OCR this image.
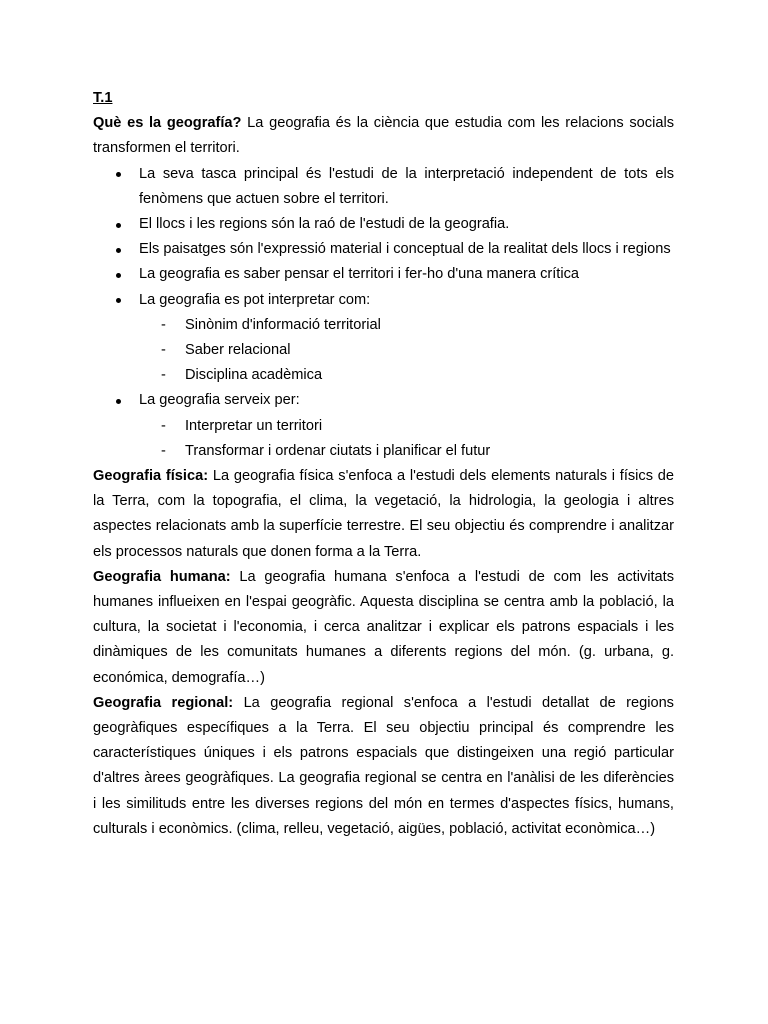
T.1

Què es la geografía? La geografia és la ciència que estudia com les relacions socials transformen el territori.

La seva tasca principal és l'estudi de la interpretació independent de tots els fenòmens que actuen sobre el territori.
El llocs i les regions són la raó de l'estudi de la geografia.
Els paisatges són l'expressió material i conceptual de la realitat dels llocs i regions
La geografia es saber pensar el territori i fer-ho d'una manera crítica
La geografia es pot interpretar com:
- Sinònim d'informació territorial
- Saber relacional
- Disciplina acadèmica
La geografia serveix per:
- Interpretar un territori
- Transformar i ordenar ciutats i planificar el futur

Geografia física: La geografia física s'enfoca a l'estudi dels elements naturals i físics de la Terra, com la topografia, el clima, la vegetació, la hidrologia, la geologia i altres aspectes relacionats amb la superfície terrestre. El seu objectiu és comprendre i analitzar els processos naturals que donen forma a la Terra.

Geografia humana: La geografia humana s'enfoca a l'estudi de com les activitats humanes influeixen en l'espai geogràfic. Aquesta disciplina se centra amb la població, la cultura, la societat i l'economia, i cerca analitzar i explicar els patrons espacials i les dinàmiques de les comunitats humanes a diferents regions del món. (g. urbana, g. económica, demografía…)

Geografia regional: La geografia regional s'enfoca a l'estudi detallat de regions geogràfiques específiques a la Terra. El seu objectiu principal és comprendre les característiques úniques i els patrons espacials que distingeixen una regió particular d'altres àrees geogràfiques. La geografia regional se centra en l'anàlisi de les diferències i les similituds entre les diverses regions del món en termes d'aspectes físics, humans, culturals i econòmics. (clima, relleu, vegetació, aigües, població, activitat econòmica…)
